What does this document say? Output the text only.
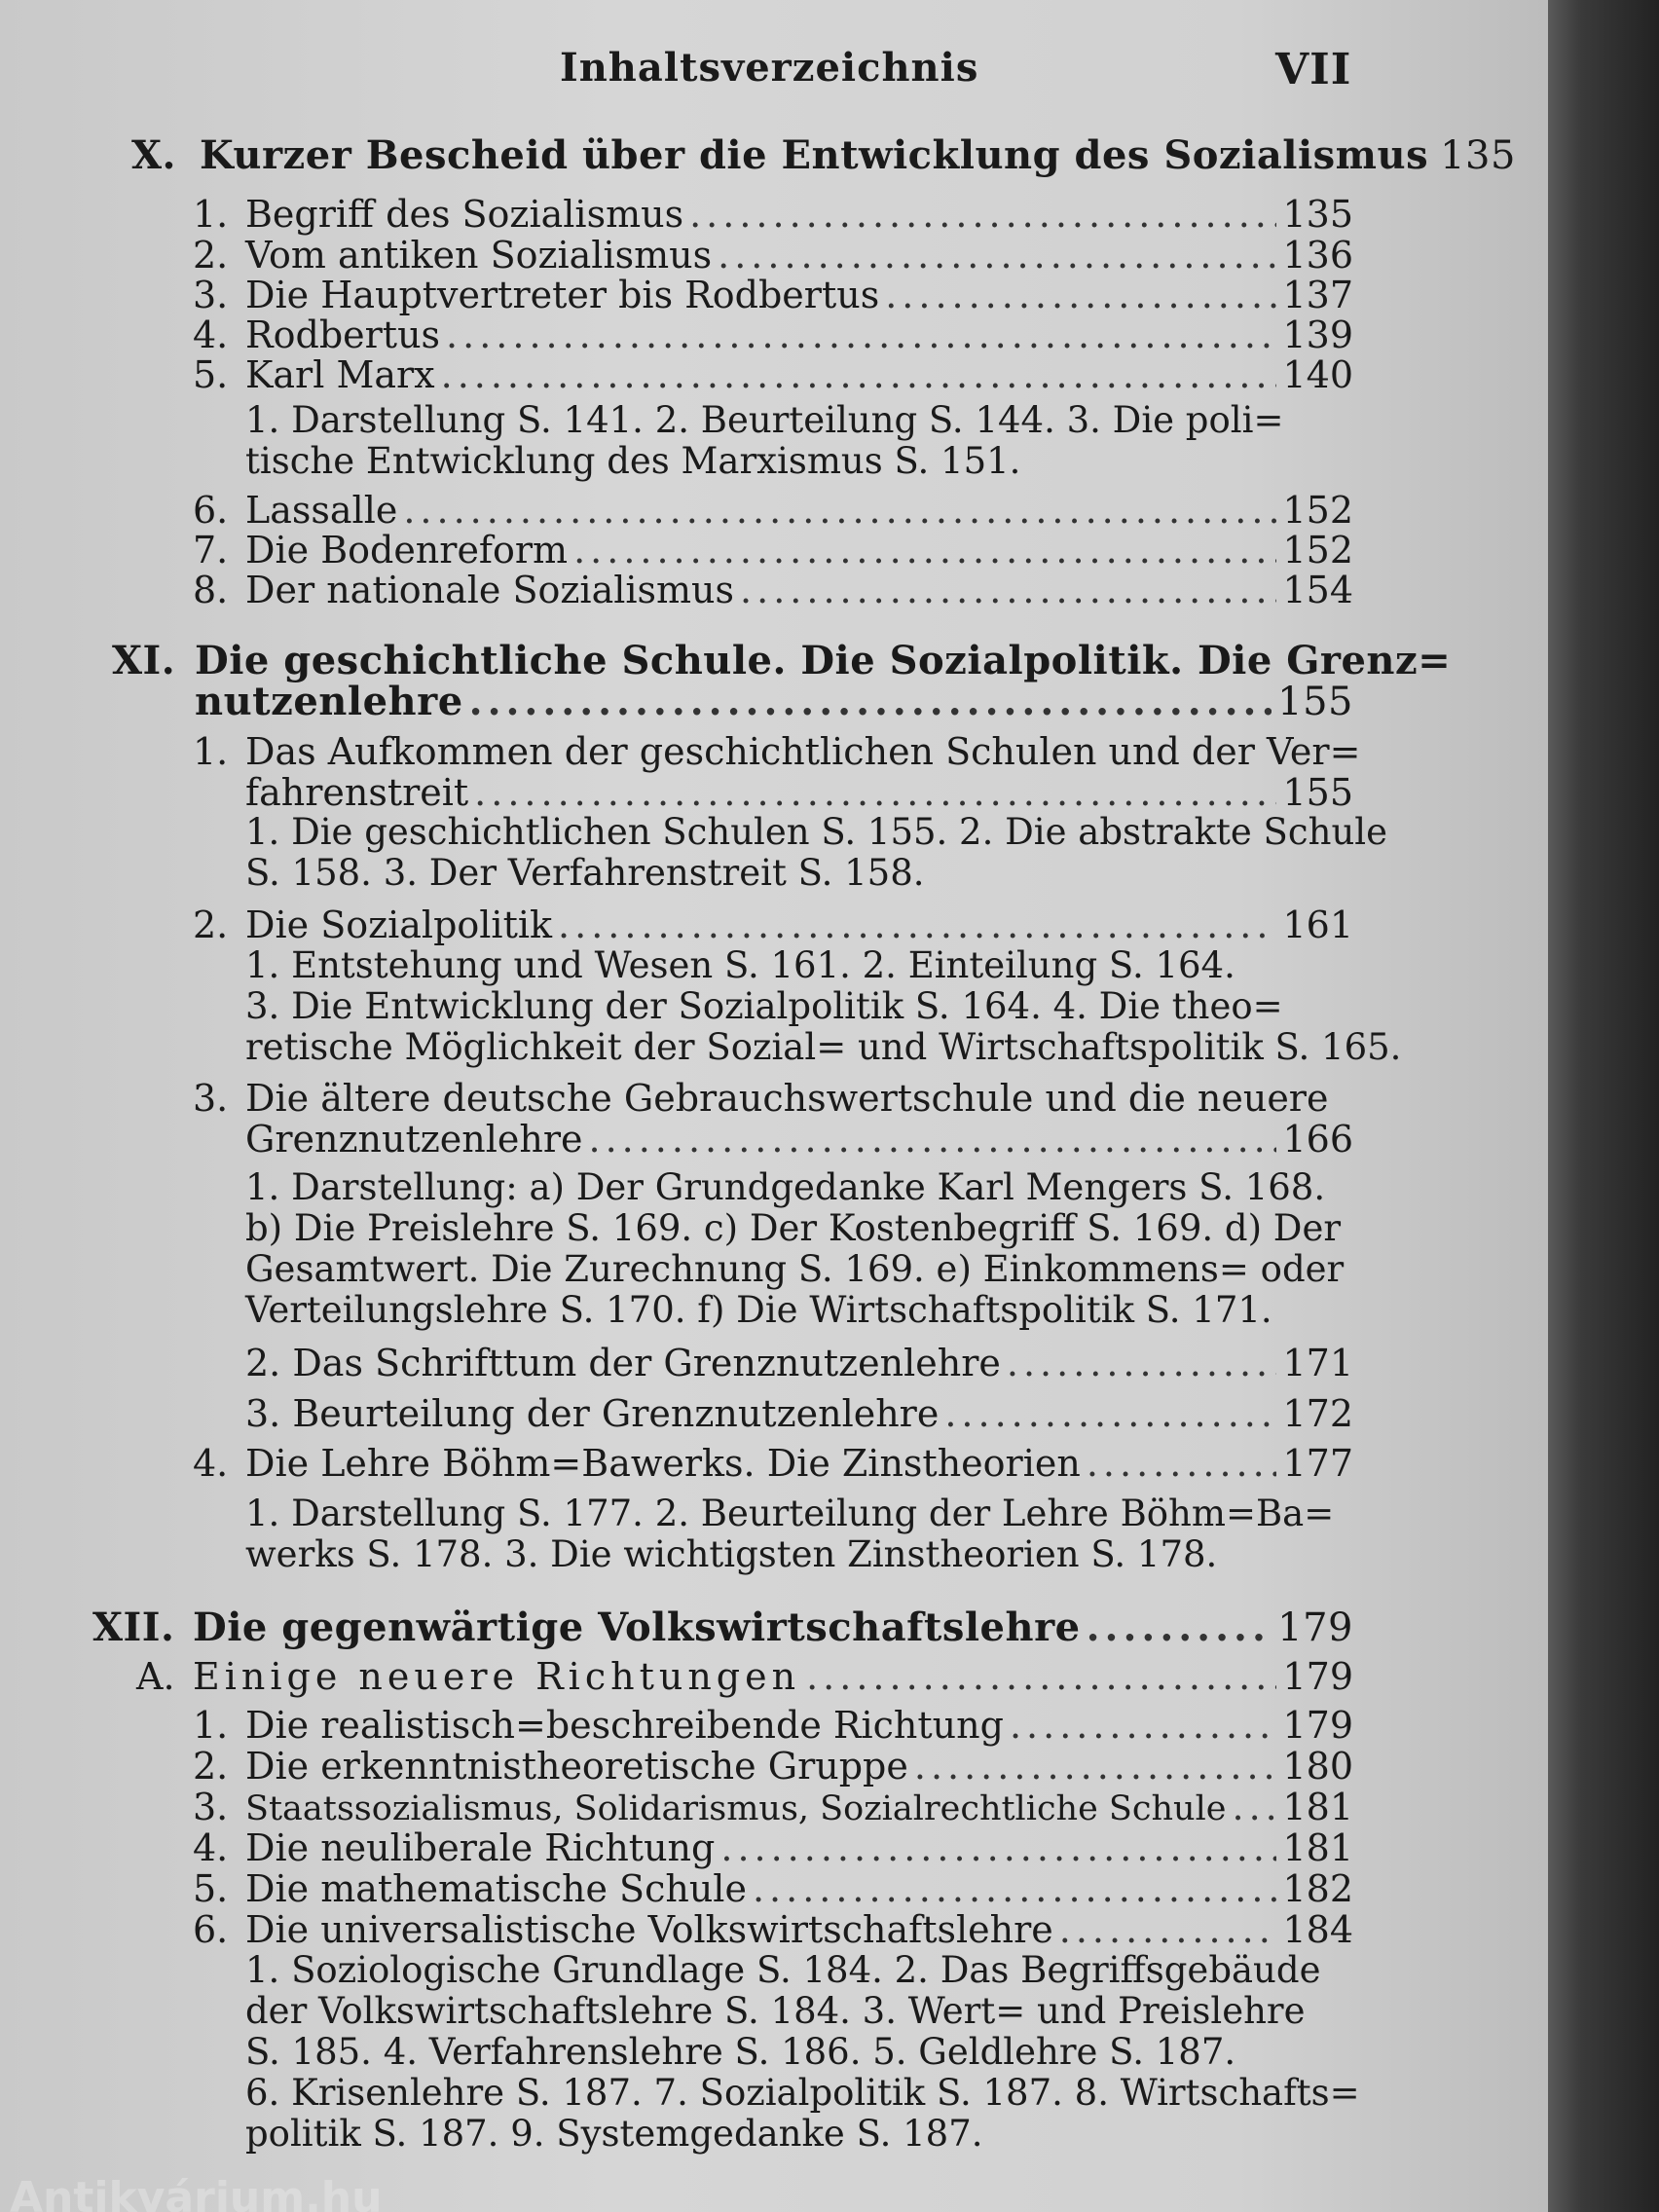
Inhaltsverzeichnis	VII
X. Kurzer Bescheid über die Entwicklung des Sozialismus 135
1. Begriff des Sozialismus .....	135
2. Vom antiken Sozialismus .....	136
3. Die Hauptvertreter bis Rodbertus .....	137
4. Rodbertus .....	139
5. Karl Marx .....	140
1. Darstellung S. 141. 2. Beurteilung S. 144. 3. Die poli=
tische Entwicklung des Marxismus S. 151.
6. Lassalle .....	152
7. Die Bodenreform .....	152
8. Der nationale Sozialismus .....	154
XI. Die geschichtliche Schule. Die Sozialpolitik. Die Grenz=
nutzenlehre .....	155
1. Das Aufkommen der geschichtlichen Schulen und der Ver=
fahrenstreit .....	155
1. Die geschichtlichen Schulen S. 155. 2. Die abstrakte Schule
S. 158. 3. Der Verfahrenstreit S. 158.
2. Die Sozialpolitik .....	161
1. Entstehung und Wesen S. 161. 2. Einteilung S. 164.
3. Die Entwicklung der Sozialpolitik S. 164. 4. Die theo=
retische Möglichkeit der Sozial= und Wirtschaftspolitik S. 165.
3. Die ältere deutsche Gebrauchswertschule und die neuere
Grenznutzenlehre .....	166
1. Darstellung: a) Der Grundgedanke Karl Mengers S. 168.
b) Die Preislehre S. 169. c) Der Kostenbegriff S. 169. d) Der
Gesamtwert. Die Zurechnung S. 169. e) Einkommens= oder
Verteilungslehre S. 170. f) Die Wirtschaftspolitik S. 171.
2. Das Schrifttum der Grenznutzenlehre .....	171
3. Beurteilung der Grenznutzenlehre .....	172
4. Die Lehre Böhm=Bawerks. Die Zinstheorien .....	177
1. Darstellung S. 177. 2. Beurteilung der Lehre Böhm=Ba=
werks S. 178. 3. Die wichtigsten Zinstheorien S. 178.
XII. Die gegenwärtige Volkswirtschaftslehre .....	179
A. Einige neuere Richtungen .....	179
1. Die realistisch=beschreibende Richtung .....	179
2. Die erkenntnistheoretische Gruppe .....	180
3. Staatssozialismus, Solidarismus, Sozialrechtliche Schule ..... 181
4. Die neuliberale Richtung .....	181
5. Die mathematische Schule .....	182
6. Die universalistische Volkswirtschaftslehre .....	184
1. Soziologische Grundlage S. 184. 2. Das Begriffsgebäude
der Volkswirtschaftslehre S. 184. 3. Wert= und Preislehre
S. 185. 4. Verfahrenslehre S. 186. 5. Geldlehre S. 187.
6. Krisenlehre S. 187. 7. Sozialpolitik S. 187. 8. Wirtschafts=
politik S. 187. 9. Systemgedanke S. 187.
Antikvárium.hu
